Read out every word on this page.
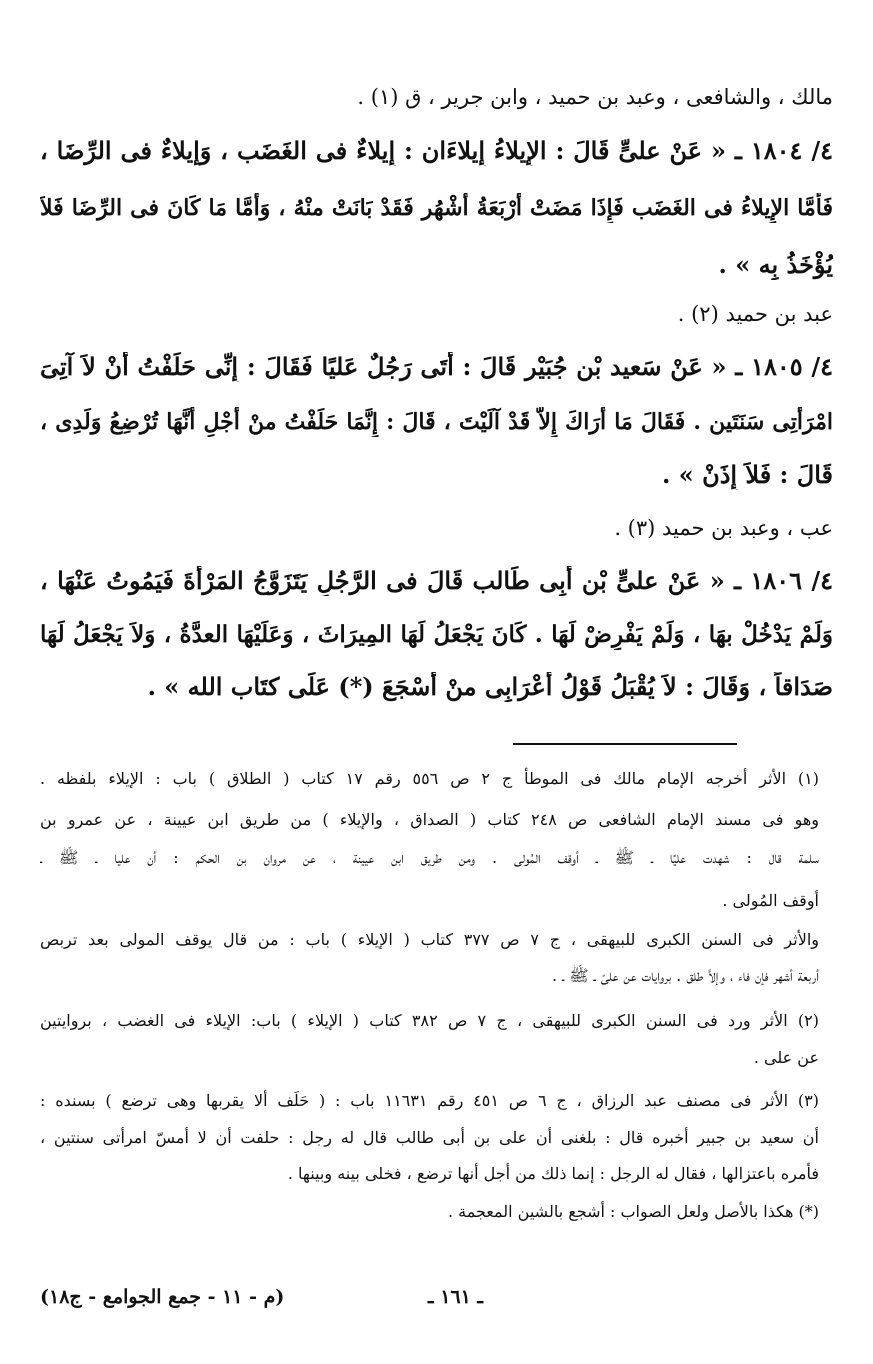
مالك ، والشافعى ، وعبد بن حميد ، وابن جرير ، ق (١) .
٤/ ١٨٠٤ ـ « عَنْ علىٍّ قَالَ : الإِيلاءُ إِيلاءَان : إِيلاءٌ فى الغَضَب ، وَإِيلاءٌ فى الرِّضَا ،
فَأَمَّا الإِيلاءُ فى الغَضَب فَإِذَا مَضَتْ أَرْبَعَةُ أَشْهُر فَقَدْ بَانَتْ منْهُ ، وَأَمَّا مَا كَانَ فى الرِّضَا فَلاَ
يُؤْخَذُ بِه » .
عبد بن حميد (٢) .
٤/ ١٨٠٥ ـ « عَنْ سَعيد بْنِ جُبَيْر قَالَ : أَتَى رَجُلٌ عَليًا فَقَالَ : إِنِّى حَلَفْتُ أَنْ لاَ آتِىَ
امْرَأَتِى سَنَتَين . فَقَالَ مَا أَرَاكَ إِلاَّ قَدْ آلَيْتَ ، قَالَ : إِنَّمَا حَلَفْتُ منْ أَجْلِ أَنَّهَا تُرْضِعُ وَلَدِى ،
قَالَ : فَلاَ إِذَنْ » .
عب ، وعبد بن حميد (٣) .
٤/ ١٨٠٦ ـ « عَنْ علىٍّ بْنِ أَبِى طَالب قَالَ فى الرَّجُلِ يَتَزَوَّجُ المَرْأَةَ فَيَمُوتُ عَنْهَا ،
وَلَمْ يَدْخُلْ بهَا ، وَلَمْ يَفْرِضْ لَهَا . كَانَ يَجْعَلُ لَهَا المِيرَاثَ ، وَعَلَيْهَا العدَّةُ ، وَلاَ يَجْعَلُ لَهَا
صَدَاقاً ، وَقَالَ : لاَ يُقْبَلُ قَوْلُ أَعْرَابِى منْ أَسْجَعَ (*) عَلَى كتَاب الله » .
(١) الأثر أخرجه الإمام مالك فى الموطأ ج ٢ ص ٥٥٦ رقم ١٧ كتاب ( الطلاق ) باب : الإيلاء بلفظه .
وهو فى مسند الإمام الشافعى ص ٢٤٨ كتاب ( الصداق ، والإيلاء ) من طريق ابن عيينة ، عن عمرو بن
سلمة قال : شهدت عليًا ـ ﷺ ـ أوقف المُولى . ومن طريق ابن عيينة ، عن مروان بن الحكم : أن عليا ـ ﷺ ـ
أوقف المُولى .
والأثر فى السنن الكبرى للبيهقى ، ج ٧ ص ٣٧٧ كتاب ( الإيلاء ) باب : من قال يوقف المولى بعد تربص
أربعة أشهر فإن فاء ، وإلاَّ طلق . بروايات عن علىّ ـ ﷺ ـ .
(٢) الأثر ورد فى السنن الكبرى للبيهقى ، ج ٧ ص ٣٨٢ كتاب ( الإيلاء ) باب: الإيلاء فى الغضب ، بروايتين
عن على .
(٣) الأثر فى مصنف عبد الرزاق ، ج ٦ ص ٤٥١ رقم ١١٦٣١ باب : ( حَلَف ألا يقربها وهى ترضع ) بسنده :
أن سعيد بن جبير أخبره قال : بلغنى أن على بن أبى طالب قال له رجل : حلفت أن لا أمسّ امرأتى سنتين ،
فأمره باعتزالها ، فقال له الرجل : إنما ذلك من أجل أنها ترضع ، فخلى بينه وبينها .
(*) هكذا بالأصل ولعل الصواب : أشجع بالشين المعجمة .
ـ ١٦١ ـ
(م - ١١ - جمع الجوامع - ج١٨)
